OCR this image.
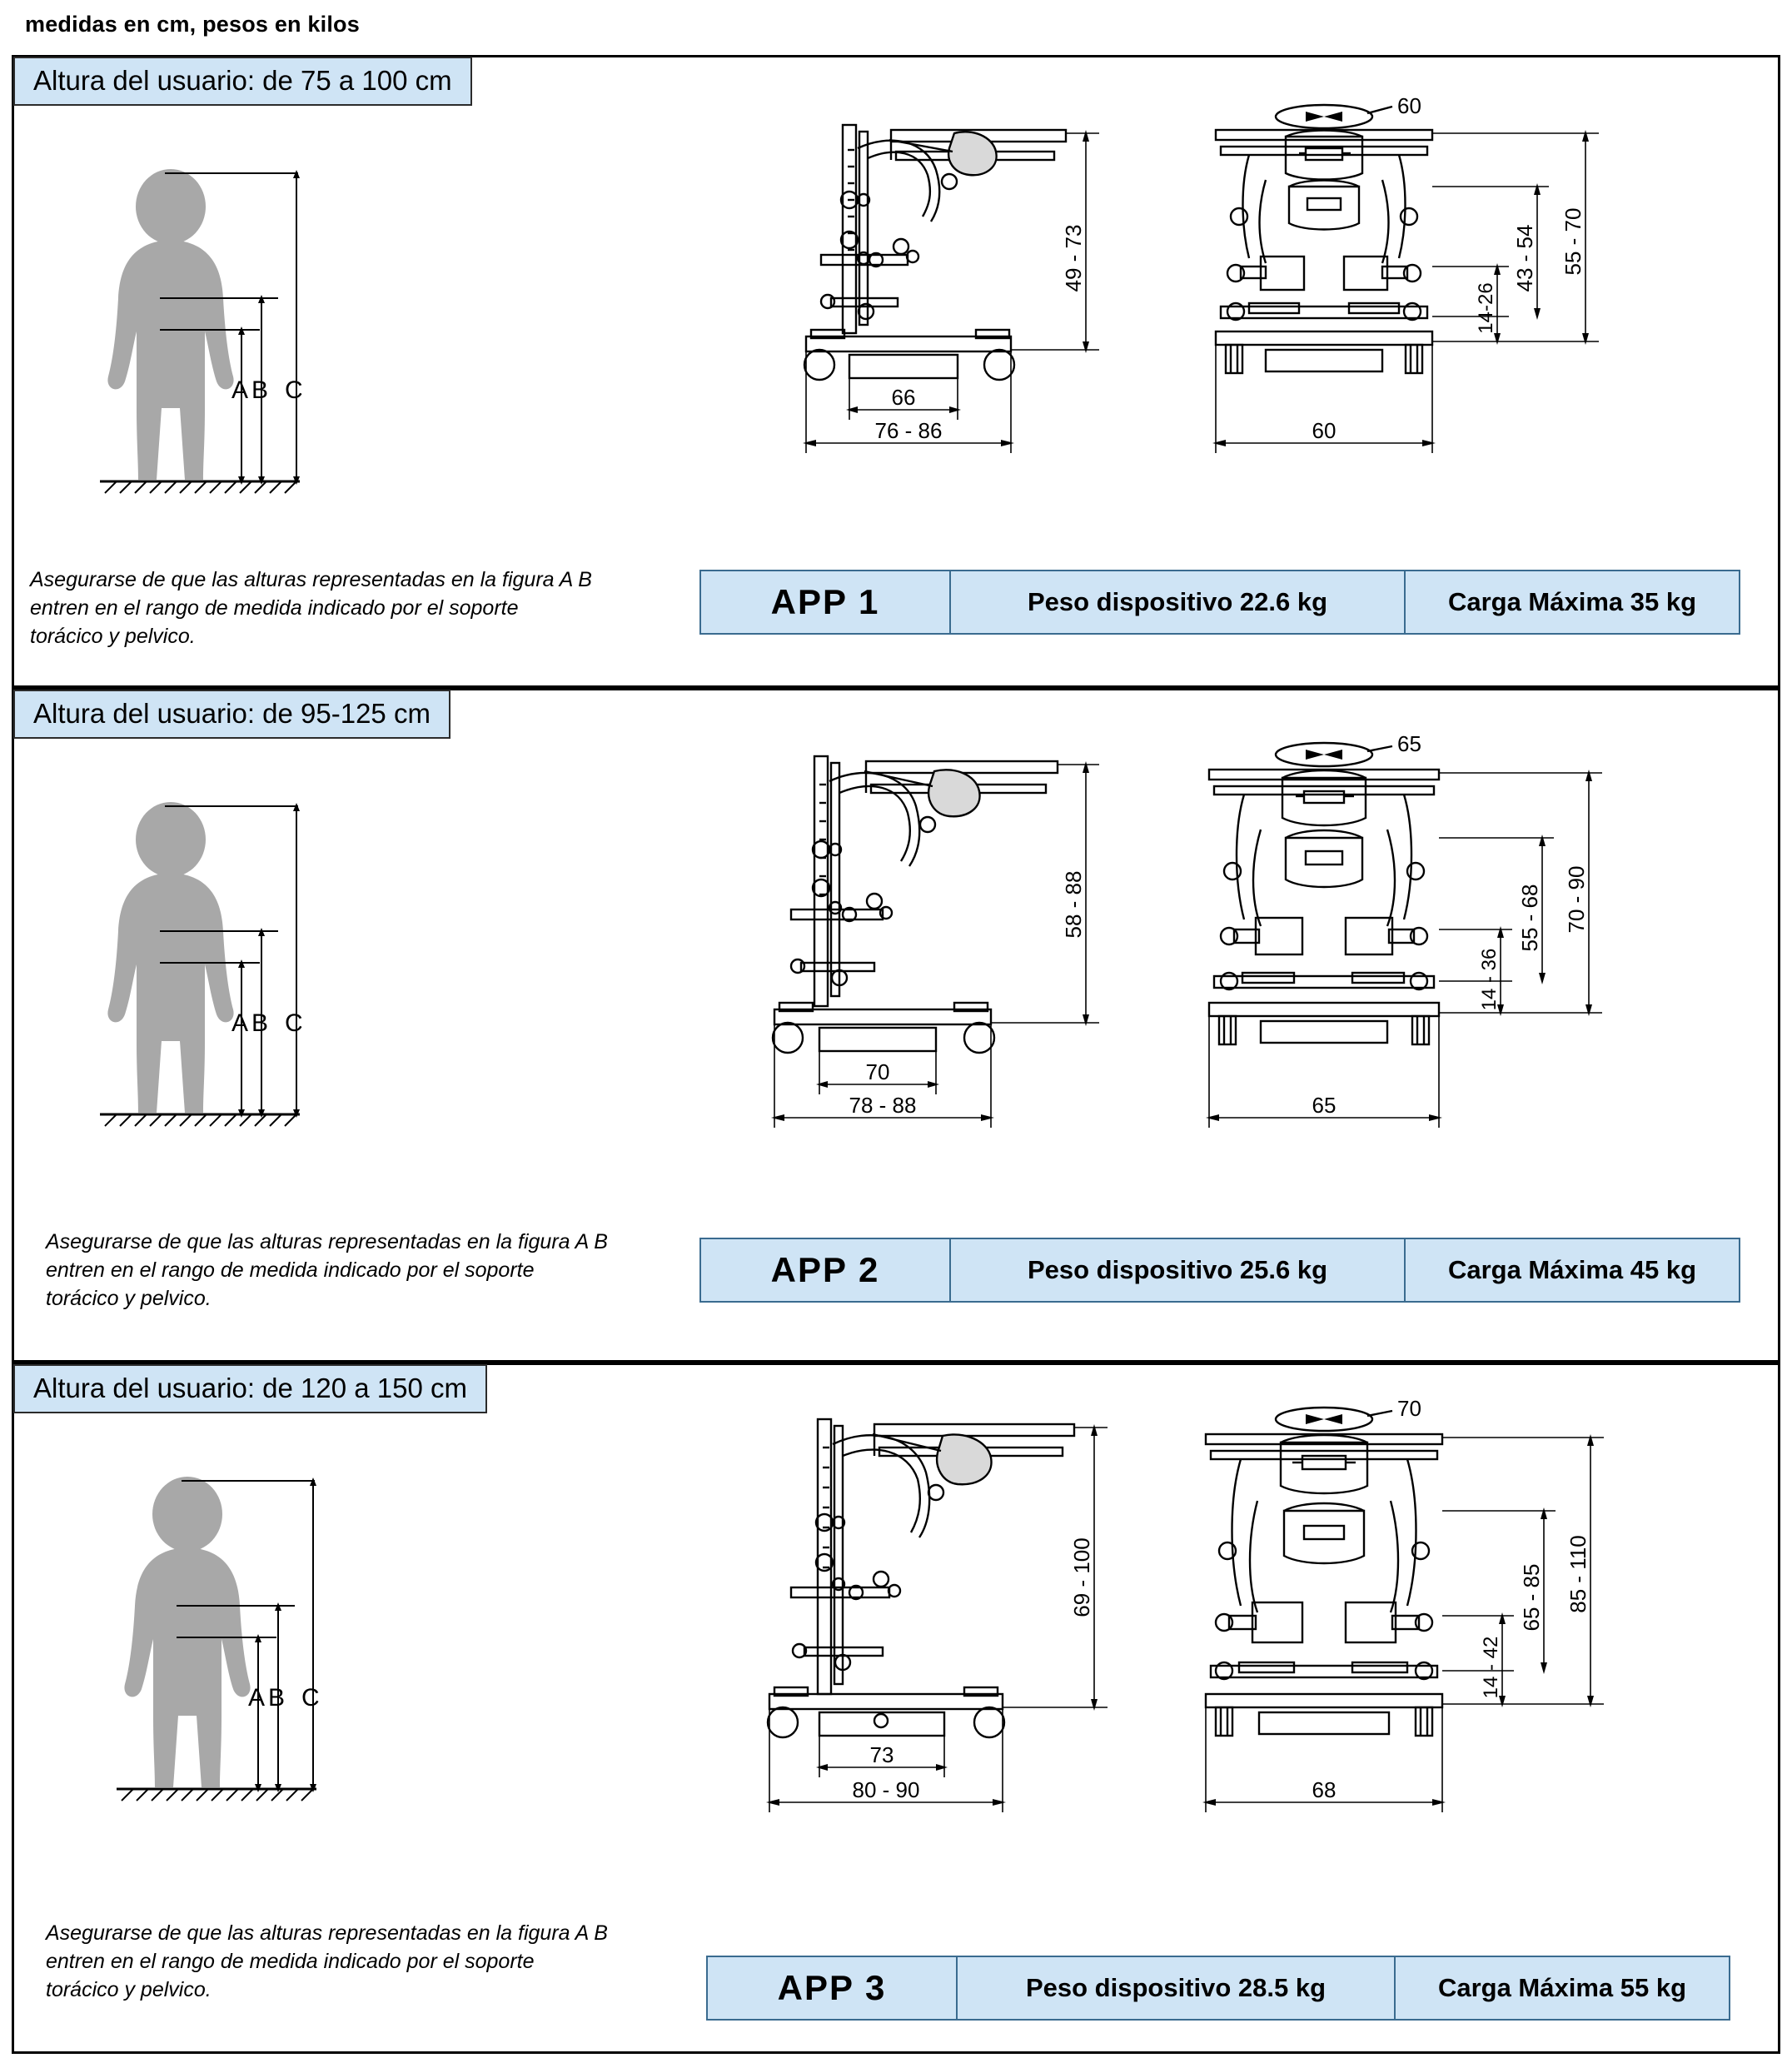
medidas en cm, pesos en kilos
Altura del usuario: de 75 a 100 cm
Asegurarse de que las alturas representadas en la figura A B entren en el rango de medida indicado por el soporte torácico y pelvico.
A B C
49 - 73
66
76 - 86
55 - 70
43 - 54
14-26
60
60
APP 1	Peso dispositivo 22.6 kg	Carga Máxima 35 kg
Altura del usuario: de 95-125 cm
Asegurarse de que las alturas representadas en la figura A B entren en el rango de medida indicado por el soporte torácico y pelvico.
A B C
58 - 88
70
78 - 88
70 - 90
55 - 68
14 - 36
65
65
APP 2	Peso dispositivo 25.6 kg	Carga Máxima 45 kg
Altura del usuario: de 120 a 150 cm
Asegurarse de que las alturas representadas en la figura A B entren en el rango de medida indicado por el soporte torácico y pelvico.
A B C
69 - 100
73
80 - 90
85 - 110
65 - 85
14 - 42
68
70
APP 3	Peso dispositivo 28.5 kg	Carga Máxima 55 kg
